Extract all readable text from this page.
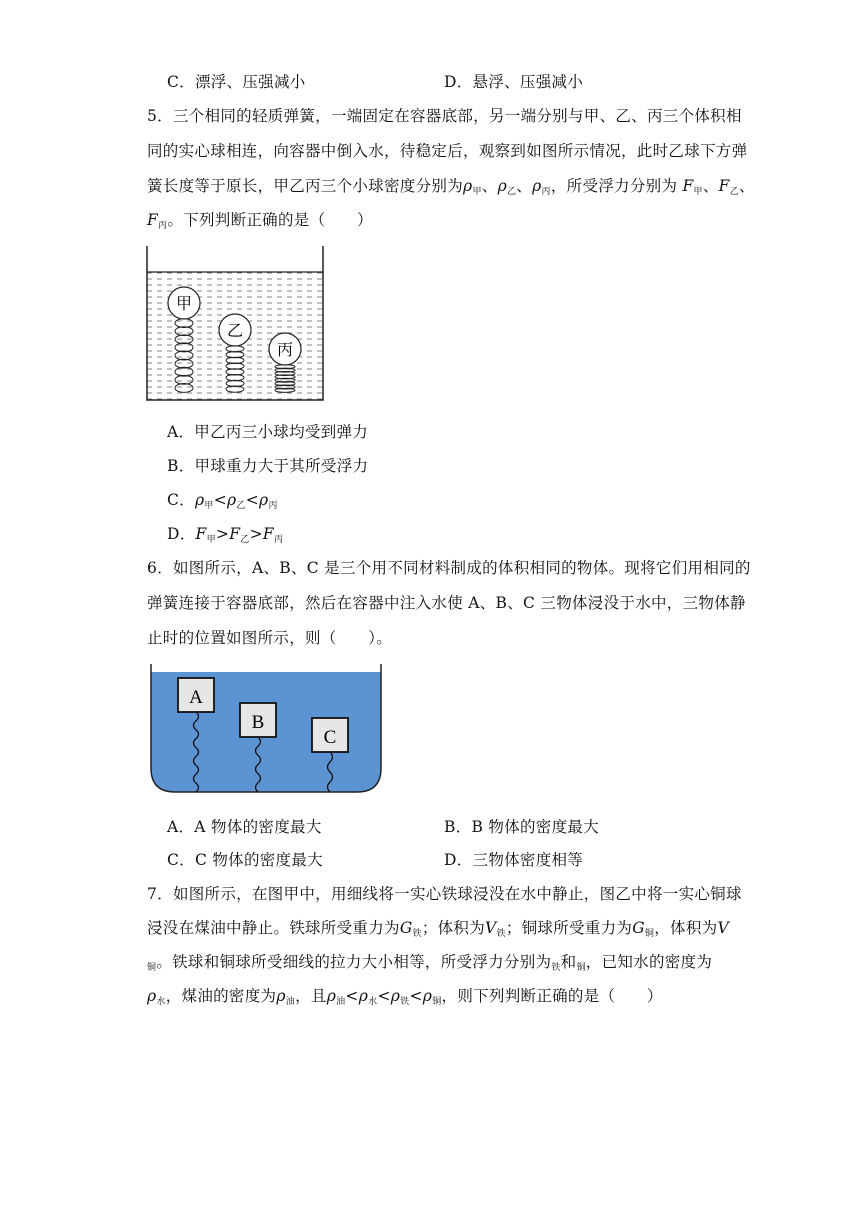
C．漂浮、压强减小	D．悬浮、压强减小
5．三个相同的轻质弹簧，一端固定在容器底部，另一端分别与甲、乙、丙三个体积相
同的实心球相连，向容器中倒入水，待稳定后，观察到如图所示情况，此时乙球下方弹
簧长度等于原长，甲乙丙三个小球密度分别为$\rho_甲$、$\rho_乙$、$\rho_丙$，所受浮力分别为 $F_甲$、$F_乙$、
$F_丙$。下列判断正确的是（　　）
甲
乙
丙
A．甲乙丙三小球均受到弹力
B．甲球重力大于其所受浮力
C．$\rho_甲<\rho_乙<\rho_丙$
D．$F_甲>F_乙>F_丙$
6．如图所示，A、B、C 是三个用不同材料制成的体积相同的物体。现将它们用相同的
弹簧连接于容器底部，然后在容器中注入水使 A、B、C 三物体浸没于水中，三物体静
止时的位置如图所示，则（　　）。
A
B
C
A．A 物体的密度最大	B．B 物体的密度最大
C．C 物体的密度最大	D．三物体密度相等
7．如图所示，在图甲中，用细线将一实心铁球浸没在水中静止，图乙中将一实心铜球
浸没在煤油中静止。铁球所受重力为$G_铁$；体积为$V_铁$；铜球所受重力为$G_铜$，体积为V
$_铜$。铁球和铜球所受细线的拉力大小相等，所受浮力分别为$_铁$和$_铜$，已知水的密度为
$\rho_水$，煤油的密度为$\rho_油$，且$\rho_油<\rho_水<\rho_铁<\rho_铜$，则下列判断正确的是（　　）
